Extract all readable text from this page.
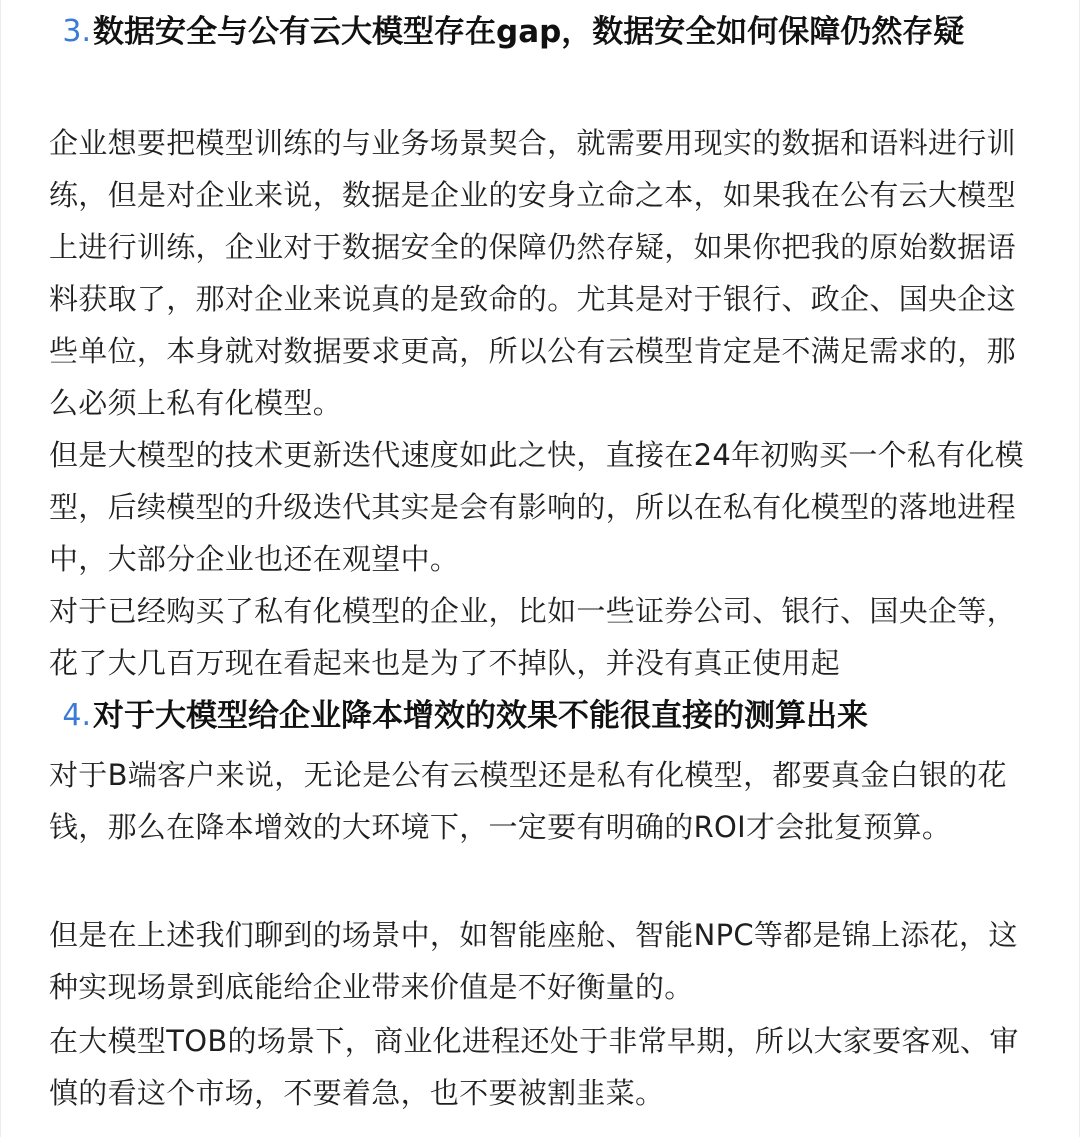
3. 数据安全与公有云大模型存在gap，数据安全如何保障仍然存疑
企业想要把模型训练的与业务场景契合，就需要用现实的数据和语料进行训练，但是对企业来说，数据是企业的安身立命之本，如果我在公有云大模型上进行训练，企业对于数据安全的保障仍然存疑，如果你把我的原始数据语料获取了，那对企业来说真的是致命的。尤其是对于银行、政企、国央企这些单位，本身就对数据要求更高，所以公有云模型肯定是不满足需求的，那么必须上私有化模型。
但是大模型的技术更新迭代速度如此之快，直接在24年初购买一个私有化模型，后续模型的升级迭代其实是会有影响的，所以在私有化模型的落地进程中，大部分企业也还在观望中。
对于已经购买了私有化模型的企业，比如一些证券公司、银行、国央企等，花了大几百万现在看起来也是为了不掉队，并没有真正使用起
4. 对于大模型给企业降本增效的效果不能很直接的测算出来
对于B端客户来说，无论是公有云模型还是私有化模型，都要真金白银的花钱，那么在降本增效的大环境下，一定要有明确的ROI才会批复预算。
但是在上述我们聊到的场景中，如智能座舱、智能NPC等都是锦上添花，这种实现场景到底能给企业带来价值是不好衡量的。
在大模型TOB的场景下，商业化进程还处于非常早期，所以大家要客观、审慎的看这个市场，不要着急，也不要被割韭菜。
